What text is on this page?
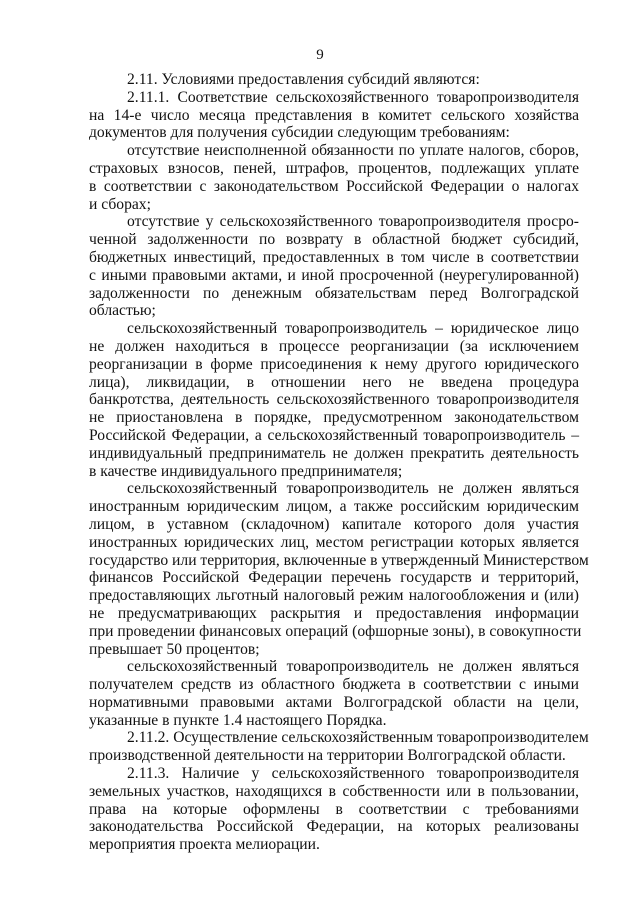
9
2.11. Условиями предоставления субсидий являются:
2.11.1. Соответствие сельскохозяйственного товаропроизводителя
на 14-е число месяца представления в комитет сельского хозяйства
документов для получения субсидии следующим требованиям:
отсутствие неисполненной обязанности по уплате налогов, сборов,
страховых взносов, пеней, штрафов, процентов, подлежащих уплате
в соответствии с законодательством Российской Федерации о налогах
и сборах;
отсутствие у сельскохозяйственного товаропроизводителя просро-
ченной задолженности по возврату в областной бюджет субсидий,
бюджетных инвестиций, предоставленных в том числе в соответствии
с иными правовыми актами, и иной просроченной (неурегулированной)
задолженности по денежным обязательствам перед Волгоградской
областью;
сельскохозяйственный товаропроизводитель – юридическое лицо
не должен находиться в процессе реорганизации (за исключением
реорганизации в форме присоединения к нему другого юридического
лица), ликвидации, в отношении него не введена процедура
банкротства, деятельность сельскохозяйственного товаропроизводителя
не приостановлена в порядке, предусмотренном законодательством
Российской Федерации, а сельскохозяйственный товаропроизводитель –
индивидуальный предприниматель не должен прекратить деятельность
в качестве индивидуального предпринимателя;
сельскохозяйственный товаропроизводитель не должен являться
иностранным юридическим лицом, а также российским юридическим
лицом, в уставном (складочном) капитале которого доля участия
иностранных юридических лиц, местом регистрации которых является
государство или территория, включенные в утвержденный Министерством
финансов Российской Федерации перечень государств и территорий,
предоставляющих льготный налоговый режим налогообложения и (или)
не предусматривающих раскрытия и предоставления информации
при проведении финансовых операций (офшорные зоны), в совокупности
превышает 50 процентов;
сельскохозяйственный товаропроизводитель не должен являться
получателем средств из областного бюджета в соответствии с иными
нормативными правовыми актами Волгоградской области на цели,
указанные в пункте 1.4 настоящего Порядка.
2.11.2. Осуществление сельскохозяйственным товаропроизводителем
производственной деятельности на территории Волгоградской области.
2.11.3. Наличие у сельскохозяйственного товаропроизводителя
земельных участков, находящихся в собственности или в пользовании,
права на которые оформлены в соответствии с требованиями
законодательства Российской Федерации, на которых реализованы
мероприятия проекта мелиорации.
